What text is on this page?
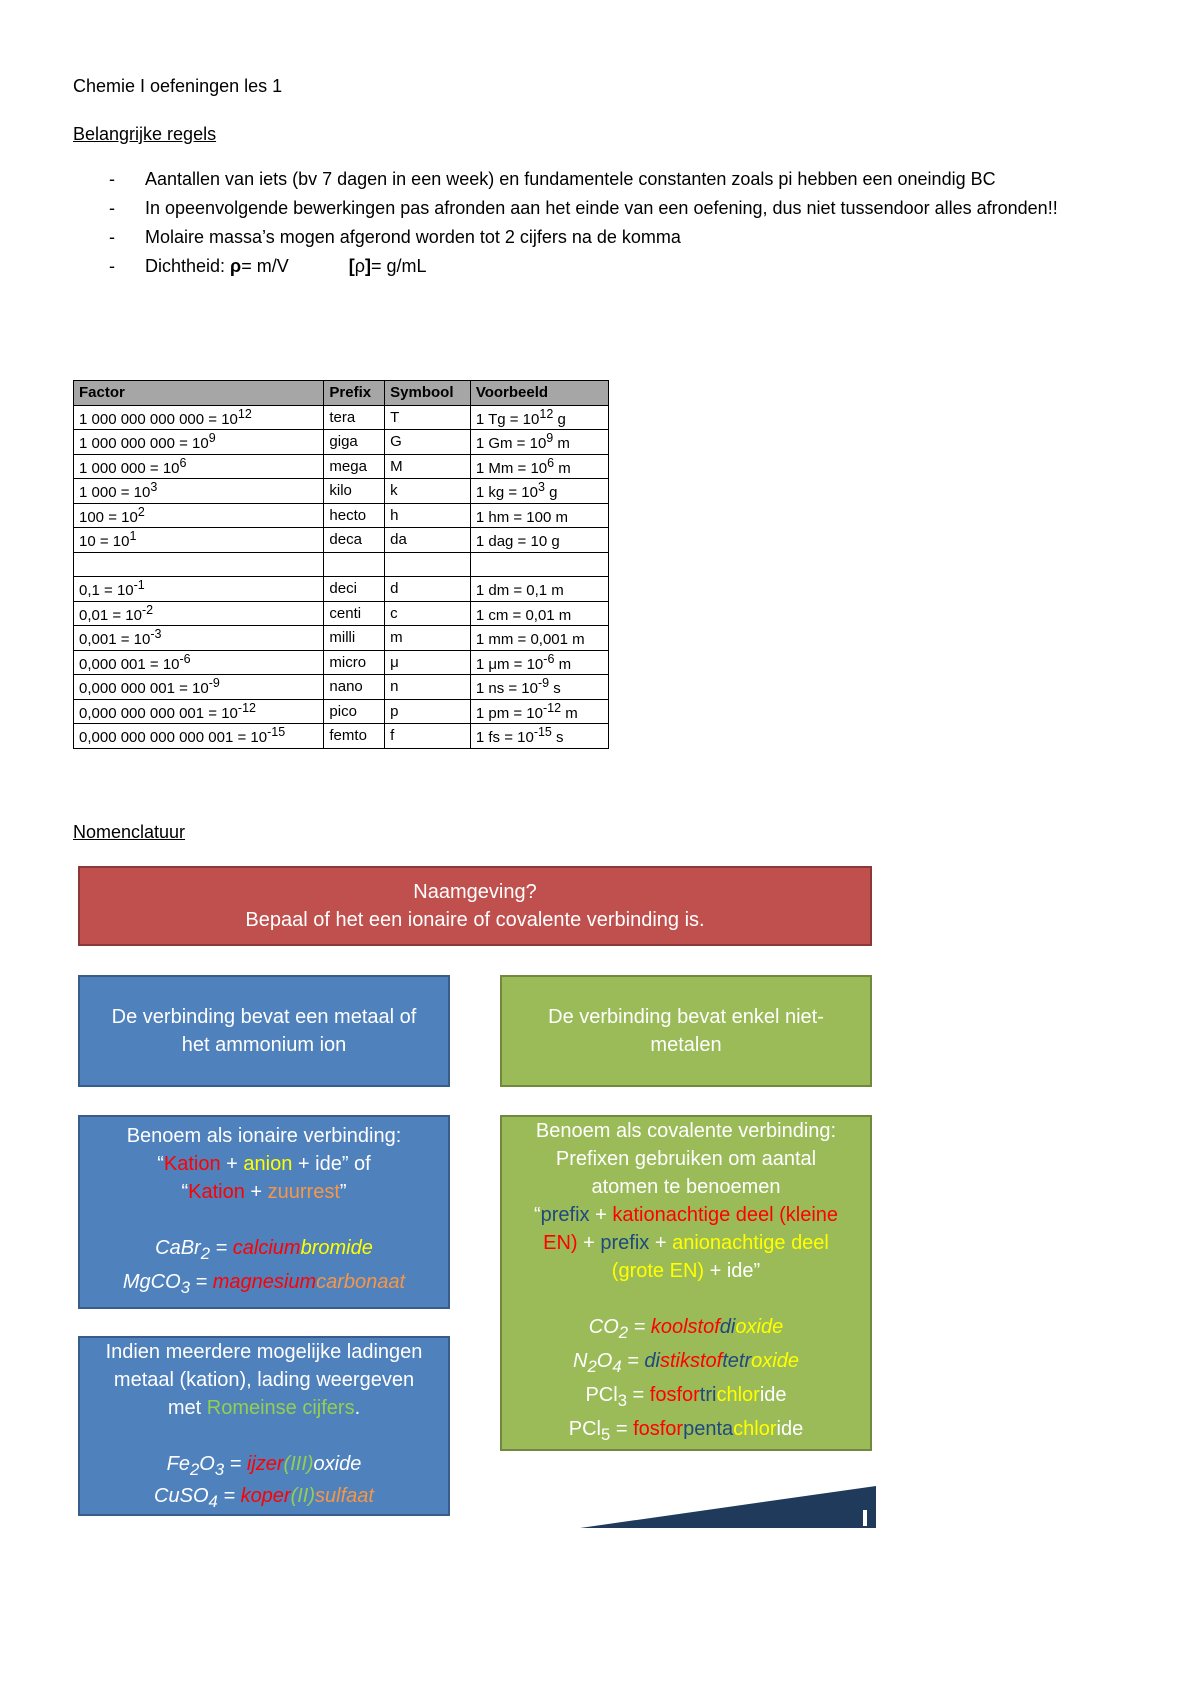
Chemie I oefeningen les 1
Belangrijke regels
- Aantallen van iets (bv 7 dagen in een week) en fundamentele constanten zoals pi hebben een oneindig BC
- In opeenvolgende bewerkingen pas afronden aan het einde van een oefening, dus niet tussendoor alles afronden!!
- Molaire massa’s mogen afgerond worden tot 2 cijfers na de komma
- Dichtheid: ρ= m/V	[ρ]= g/mL
Factor	Prefix	Symbool	Voorbeeld
1 000 000 000 $000 = 10^{12}$	tera	T	1 $Tg = 10^{12}$ g
1 000 000 $000 = 10^9$	giga	G	1 $Gm = 10^9$ m
1 000 $000 = 10^6$	mega	M	1 $Mm = 10^6$ m
1 $000 = 10^3$	kilo	k	1 kg = $10^3$ g
$100 = 10^2$	hecto	h	1 hm = 100 m
$10 = 10^1$	deca	da	1 dag = 10 g

$0,1 = 10^{-1}$	deci	d	1 dm = 0,1 m
$0,01 = 10^{-2}$	centi	c	1 cm = 0,01 m
$0,001 = 10^{-3}$	milli	m	1 mm = 0,001 m
0,000 $001 = 10^{-6}$	micro	μ	1 $\mu m = 10^{-6}$ m
0,000 000 $001 = 10^{-9}$	nano	n	1 ns = $10^{-9}$ s
0,000 000 000 $001 = 10^{-12}$	pico	p	1 pm = $10^{-12}$ m
0,000 000 000 000 $001 = 10^{-15}$	femto	f	1 fs = $10^{-15}$ s
Nomenclatuur
Naamgeving?
Bepaal of het een ionaire of covalente verbinding is.
De verbinding bevat een metaal of
het ammonium ion
De verbinding bevat enkel niet-
metalen
Benoem als ionaire verbinding:
“Kation + anion + ide” of
“Kation + zuurrest”
CaBr$_2$ = calciumbromide
MgCO$_3$ = magnesiumcarbonaat
Benoem als covalente verbinding:
Prefixen gebruiken om aantal
atomen te benoemen
“prefix + kationachtige deel (kleine
EN) + prefix + anionachtige deel
(grote EN) + ide”
$CO_2$ = koolstofdioxide
$N_2O_4$ = distikstoftetroxide
PCl$_3$ = fosfortrichloride
PCl$_5$ = fosforpentachloride
Indien meerdere mogelijke ladingen
metaal (kation), lading weergeven
met Romeinse cijfers.
$Fe_2O_3$ = ijzer(III)oxide
CuSO$_4$ = koper(II)sulfaat
